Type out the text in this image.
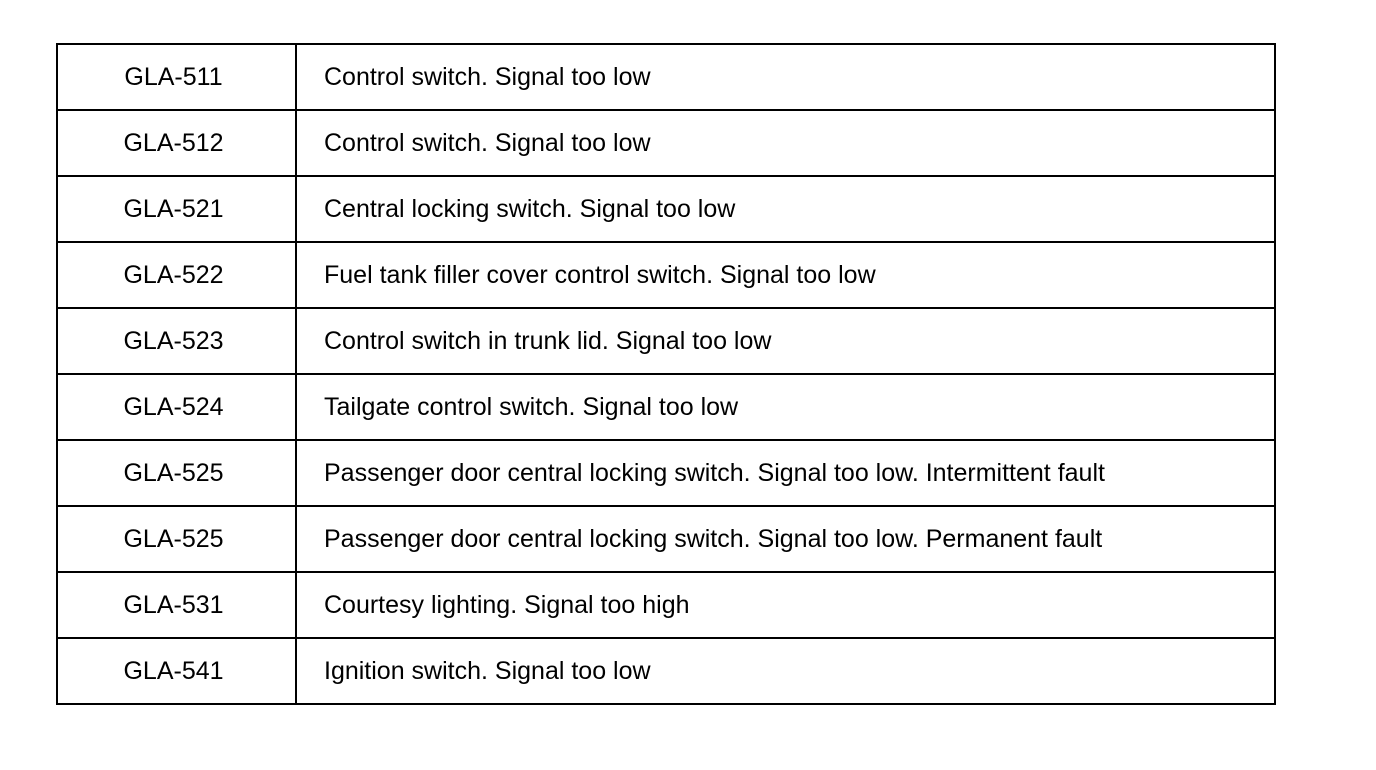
GLA-511	Control switch. Signal too low
GLA-512	Control switch. Signal too low
GLA-521	Central locking switch. Signal too low
GLA-522	Fuel tank filler cover control switch. Signal too low
GLA-523	Control switch in trunk lid. Signal too low
GLA-524	Tailgate control switch. Signal too low
GLA-525	Passenger door central locking switch. Signal too low. Intermittent fault
GLA-525	Passenger door central locking switch. Signal too low. Permanent fault
GLA-531	Courtesy lighting. Signal too high
GLA-541	Ignition switch. Signal too low
